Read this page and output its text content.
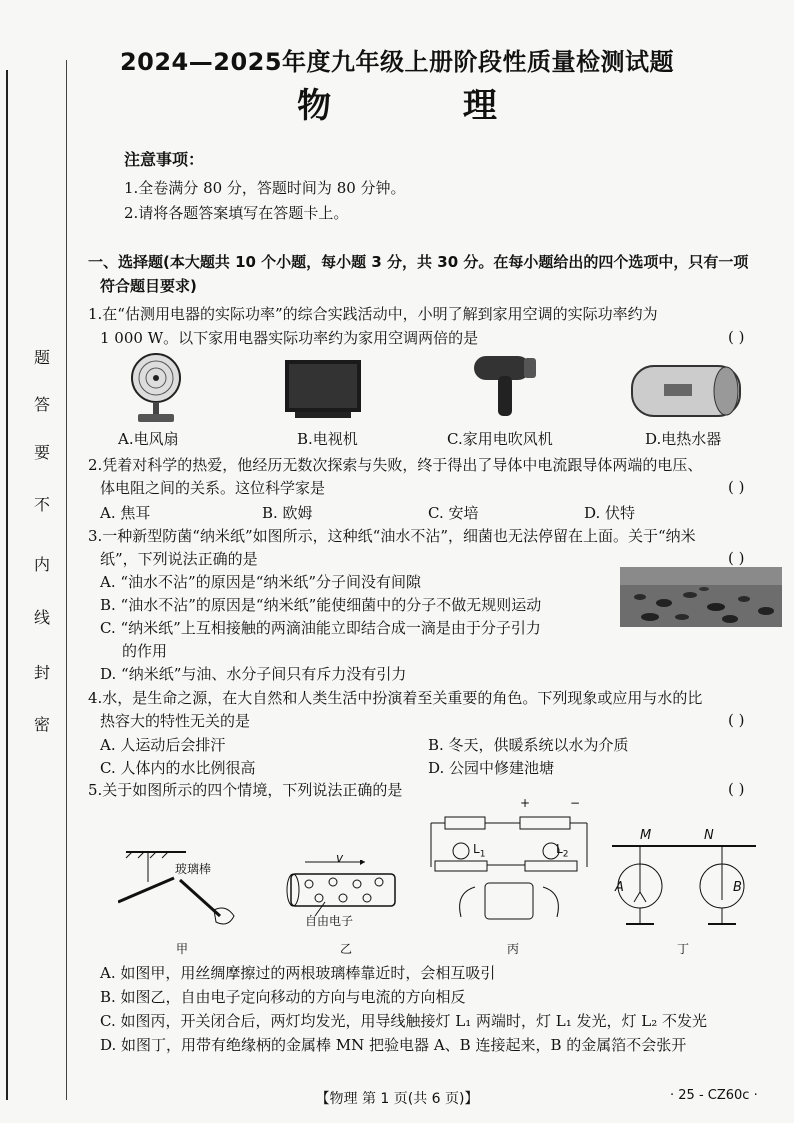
题
答
要
不
内
线
封
密
2024—2025年度九年级上册阶段性质量检测试题
物 理
注意事项：
1.全卷满分 80 分，答题时间为 80 分钟。
2.请将各题答案填写在答题卡上。
一、选择题(本大题共 10 个小题，每小题 3 分，共 30 分。在每小题给出的四个选项中，只有一项
符合题目要求)
1.在“估测用电器的实际功率”的综合实践活动中，小明了解到家用空调的实际功率约为
1 000 W。以下家用电器实际功率约为家用空调两倍的是	( )
A.电风扇	B.电视机	C.家用电吹风机	D.电热水器
2.凭着对科学的热爱，他经历无数次探索与失败，终于得出了导体中电流跟导体两端的电压、
体电阻之间的关系。这位科学家是	( )
A. 焦耳	B. 欧姆	C. 安培	D. 伏特
3.一种新型防菌“纳米纸”如图所示，这种纸“油水不沾”，细菌也无法停留在上面。关于“纳米
纸”，下列说法正确的是	( )
A. “油水不沾”的原因是“纳米纸”分子间没有间隙
B. “油水不沾”的原因是“纳米纸”能使细菌中的分子不做无规则运动
C. “纳米纸”上互相接触的两滴油能立即结合成一滴是由于分子引力
的作用
D. “纳米纸”与油、水分子间只有斥力没有引力
4.水，是生命之源，在大自然和人类生活中扮演着至关重要的角色。下列现象或应用与水的比
热容大的特性无关的是	( )
A. 人运动后会排汗	B. 冬天，供暖系统以水为介质
C. 人体内的水比例很高	D. 公园中修建池塘
5.关于如图所示的四个情境，下列说法正确的是	( )
玻璃棒
v
自由电子
+	−
$L_1$	$L_2$
M	N
A	B
甲	乙	丙	丁
A. 如图甲，用丝绸摩擦过的两根玻璃棒靠近时，会相互吸引
B. 如图乙，自由电子定向移动的方向与电流的方向相反
C. 如图丙，开关闭合后，两灯均发光，用导线触接灯 L₁ 两端时，灯 L₁ 发光，灯 L₂ 不发光
D. 如图丁，用带有绝缘柄的金属棒 MN 把验电器 A、B 连接起来，B 的金属箔不会张开
【物理 第 1 页(共 6 页)】	· 25 - CZ60c ·
